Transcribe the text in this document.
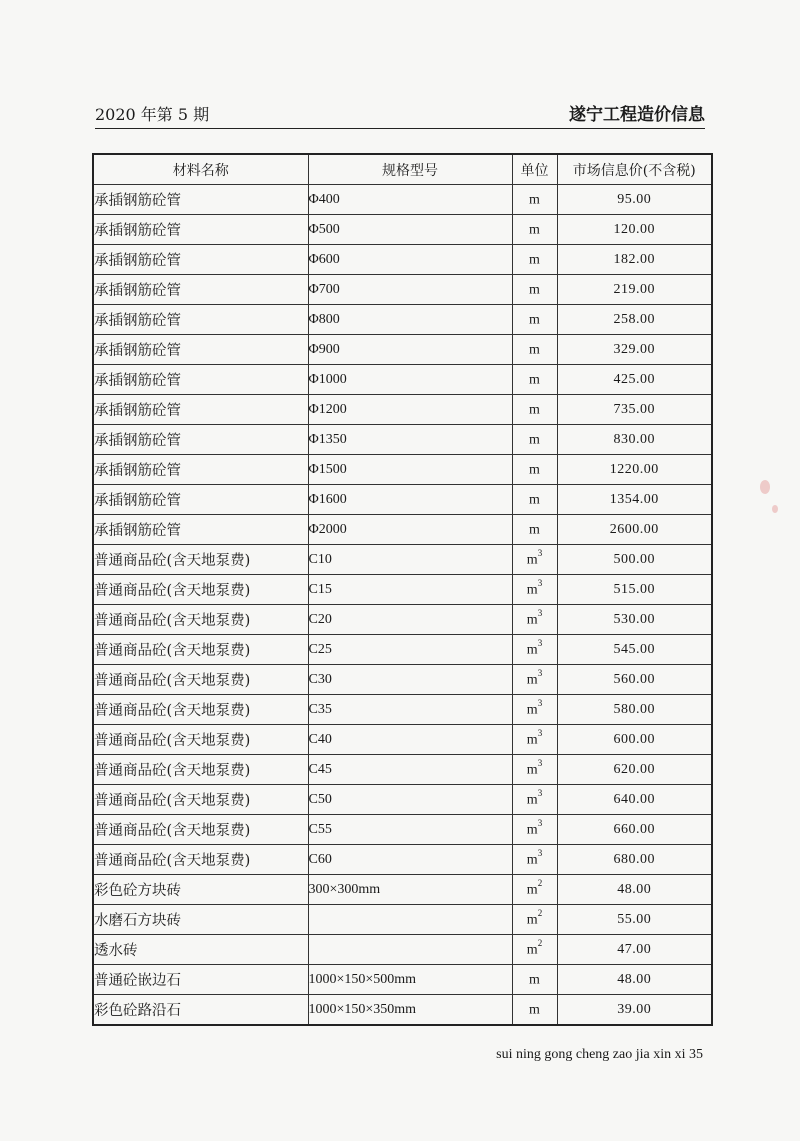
2020 年第 5 期	遂宁工程造价信息
材料名称	规格型号	单位	市场信息价(不含税)
承插钢筋砼管	Φ400	m	95.00
承插钢筋砼管	Φ500	m	120.00
承插钢筋砼管	Φ600	m	182.00
承插钢筋砼管	Φ700	m	219.00
承插钢筋砼管	Φ800	m	258.00
承插钢筋砼管	Φ900	m	329.00
承插钢筋砼管	Φ1000	m	425.00
承插钢筋砼管	Φ1200	m	735.00
承插钢筋砼管	Φ1350	m	830.00
承插钢筋砼管	Φ1500	m	1220.00
承插钢筋砼管	Φ1600	m	1354.00
承插钢筋砼管	Φ2000	m	2600.00
普通商品砼(含天地泵费)	C10	$m^3$	500.00
普通商品砼(含天地泵费)	C15	$m^3$	515.00
普通商品砼(含天地泵费)	C20	$m^3$	530.00
普通商品砼(含天地泵费)	C25	$m^3$	545.00
普通商品砼(含天地泵费)	C30	$m^3$	560.00
普通商品砼(含天地泵费)	C35	$m^3$	580.00
普通商品砼(含天地泵费)	C40	$m^3$	600.00
普通商品砼(含天地泵费)	C45	$m^3$	620.00
普通商品砼(含天地泵费)	C50	$m^3$	640.00
普通商品砼(含天地泵费)	C55	$m^3$	660.00
普通商品砼(含天地泵费)	C60	$m^3$	680.00
彩色砼方块砖	300×300mm	$m^2$	48.00
水磨石方块砖		$m^2$	55.00
透水砖		$m^2$	47.00
普通砼嵌边石	1000×150×500mm	m	48.00
彩色砼路沿石	1000×150×350mm	m	39.00
sui ning gong cheng zao jia xin xi 35
